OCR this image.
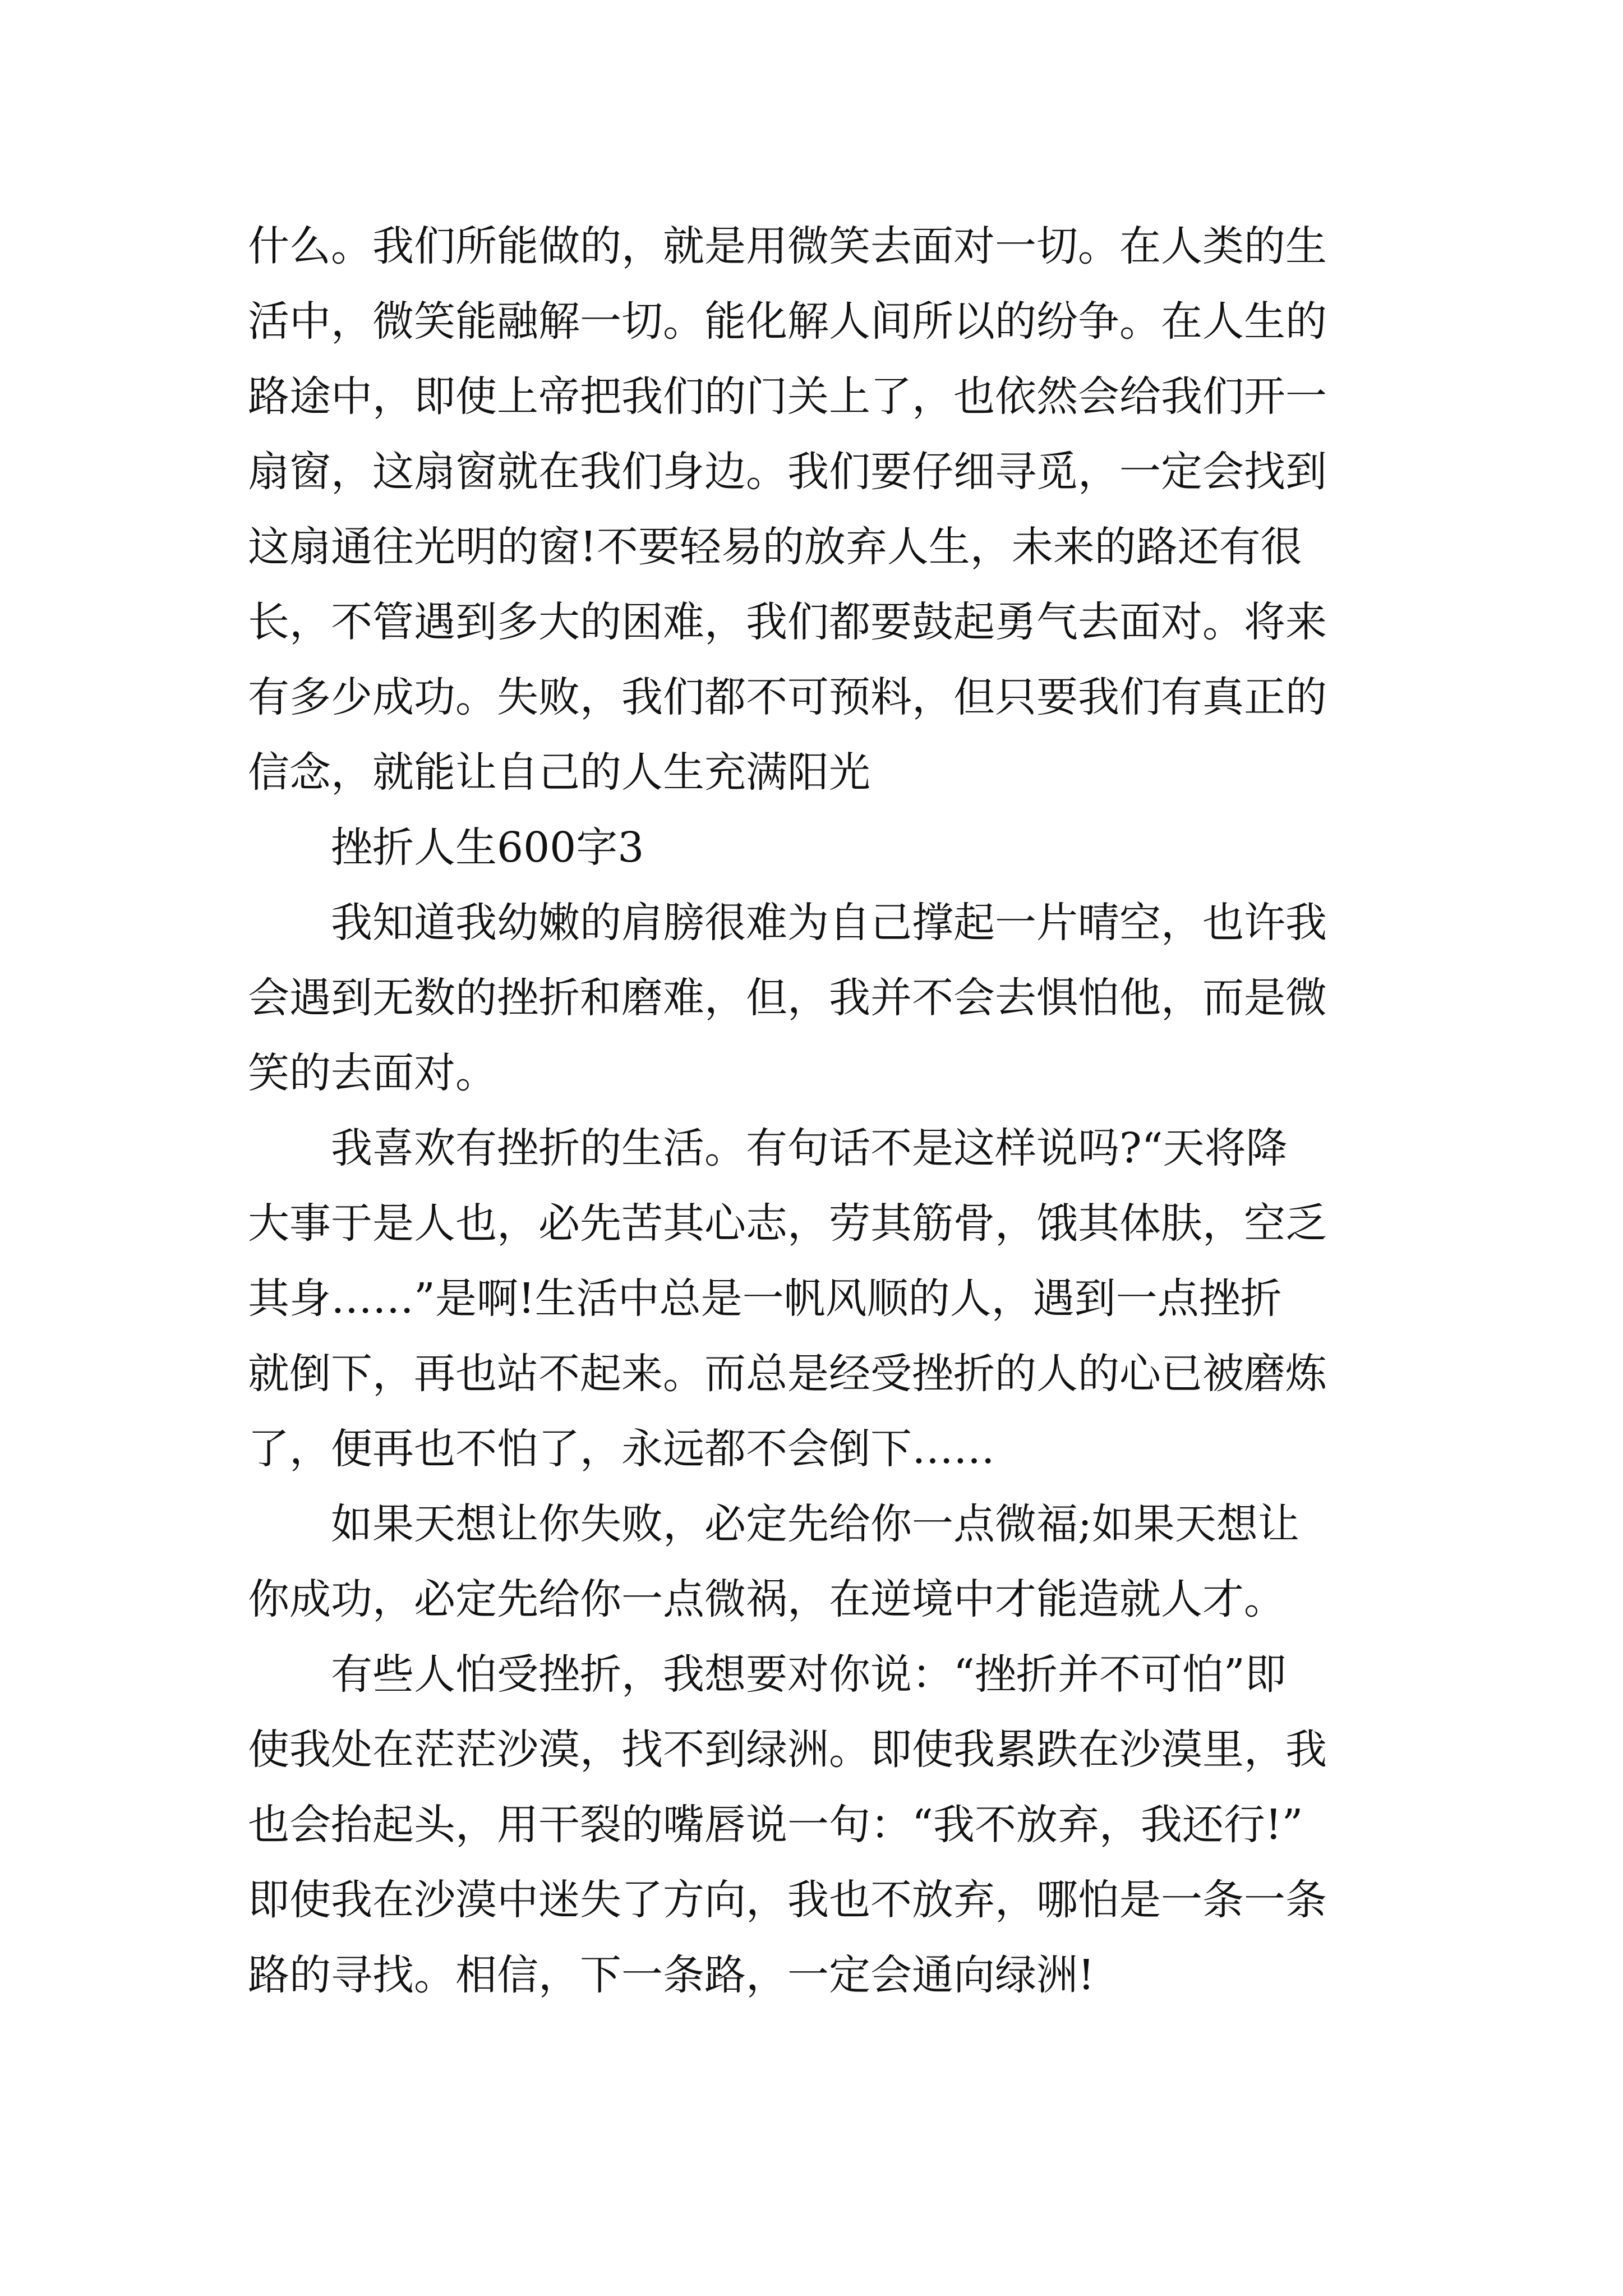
什么。我们所能做的，就是用微笑去面对一切。在人类的生
活中，微笑能融解一切。能化解人间所以的纷争。在人生的
路途中，即使上帝把我们的门关上了，也依然会给我们开一
扇窗，这扇窗就在我们身边。我们要仔细寻觅，一定会找到
这扇通往光明的窗!不要轻易的放弃人生，未来的路还有很
长，不管遇到多大的困难，我们都要鼓起勇气去面对。将来
有多少成功。失败，我们都不可预料，但只要我们有真正的
信念，就能让自己的人生充满阳光
挫折人生600字3
我知道我幼嫩的肩膀很难为自己撑起一片晴空，也许我
会遇到无数的挫折和磨难，但，我并不会去惧怕他，而是微
笑的去面对。
我喜欢有挫折的生活。有句话不是这样说吗?“天将降
大事于是人也，必先苦其心志，劳其筋骨，饿其体肤，空乏
其身……”是啊!生活中总是一帆风顺的人，遇到一点挫折
就倒下，再也站不起来。而总是经受挫折的人的心已被磨炼
了，便再也不怕了，永远都不会倒下……
如果天想让你失败，必定先给你一点微福;如果天想让
你成功，必定先给你一点微祸，在逆境中才能造就人才。
有些人怕受挫折，我想要对你说：“挫折并不可怕”即
使我处在茫茫沙漠，找不到绿洲。即使我累跌在沙漠里，我
也会抬起头，用干裂的嘴唇说一句：“我不放弃，我还行!”
即使我在沙漠中迷失了方向，我也不放弃，哪怕是一条一条
路的寻找。相信，下一条路，一定会通向绿洲!
